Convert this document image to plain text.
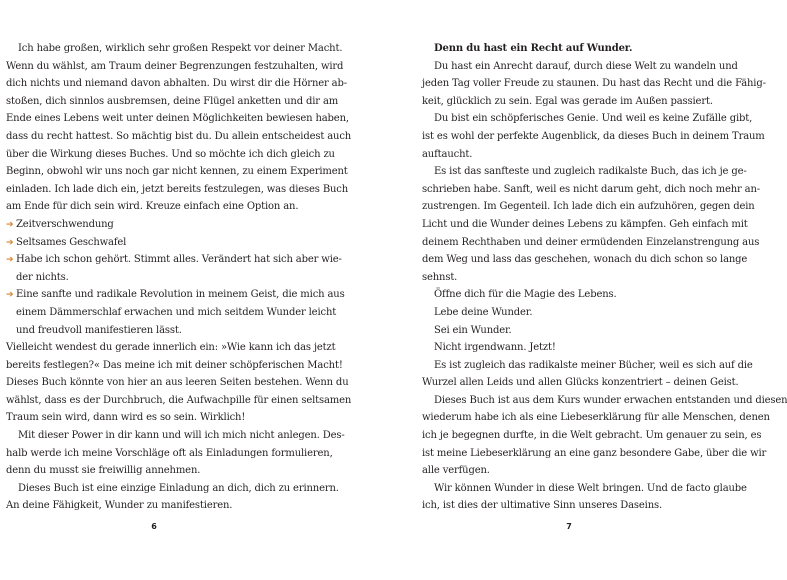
Ich habe großen, wirklich sehr großen Respekt vor deiner Macht.
Wenn du wählst, am Traum deiner Begrenzungen festzuhalten, wird
dich nichts und niemand davon abhalten. Du wirst dir die Hörner ab-
stoßen, dich sinnlos ausbremsen, deine Flügel anketten und dir am
Ende eines Lebens weit unter deinen Möglichkeiten bewiesen haben,
dass du recht hattest. So mächtig bist du. Du allein entscheidest auch
über die Wirkung dieses Buches. Und so möchte ich dich gleich zu
Beginn, obwohl wir uns noch gar nicht kennen, zu einem Experiment
einladen. Ich lade dich ein, jetzt bereits festzulegen, was dieses Buch
am Ende für dich sein wird. Kreuze einfach eine Option an.
➔ Zeitverschwendung
➔ Seltsames Geschwafel
➔ Habe ich schon gehört. Stimmt alles. Verändert hat sich aber wie-
der nichts.
➔ Eine sanfte und radikale Revolution in meinem Geist, die mich aus
einem Dämmerschlaf erwachen und mich seitdem Wunder leicht
und freudvoll manifestieren lässt.
Vielleicht wendest du gerade innerlich ein: »Wie kann ich das jetzt
bereits festlegen?« Das meine ich mit deiner schöpferischen Macht!
Dieses Buch könnte von hier an aus leeren Seiten bestehen. Wenn du
wählst, dass es der Durchbruch, die Aufwachpille für einen seltsamen
Traum sein wird, dann wird es so sein. Wirklich!
Mit dieser Power in dir kann und will ich mich nicht anlegen. Des-
halb werde ich meine Vorschläge oft als Einladungen formulieren,
denn du musst sie freiwillig annehmen.
Dieses Buch ist eine einzige Einladung an dich, dich zu erinnern.
An deine Fähigkeit, Wunder zu manifestieren.
Denn du hast ein Recht auf Wunder.
Du hast ein Anrecht darauf, durch diese Welt zu wandeln und
jeden Tag voller Freude zu staunen. Du hast das Recht und die Fähig-
keit, glücklich zu sein. Egal was gerade im Außen passiert.
Du bist ein schöpferisches Genie. Und weil es keine Zufälle gibt,
ist es wohl der perfekte Augenblick, da dieses Buch in deinem Traum
auftaucht.
Es ist das sanfteste und zugleich radikalste Buch, das ich je ge-
schrieben habe. Sanft, weil es nicht darum geht, dich noch mehr an-
zustrengen. Im Gegenteil. Ich lade dich ein aufzuhören, gegen dein
Licht und die Wunder deines Lebens zu kämpfen. Geh einfach mit
deinem Rechthaben und deiner ermüdenden Einzelanstrengung aus
dem Weg und lass das geschehen, wonach du dich schon so lange
sehnst.
Öffne dich für die Magie des Lebens.
Lebe deine Wunder.
Sei ein Wunder.
Nicht irgendwann. Jetzt!
Es ist zugleich das radikalste meiner Bücher, weil es sich auf die
Wurzel allen Leids und allen Glücks konzentriert – deinen Geist.
Dieses Buch ist aus dem Kurs wunder erwachen entstanden und diesen
wiederum habe ich als eine Liebeserklärung für alle Menschen, denen
ich je begegnen durfte, in die Welt gebracht. Um genauer zu sein, es
ist meine Liebeserklärung an eine ganz besondere Gabe, über die wir
alle verfügen.
Wir können Wunder in diese Welt bringen. Und de facto glaube
ich, ist dies der ultimative Sinn unseres Daseins.
6	7
